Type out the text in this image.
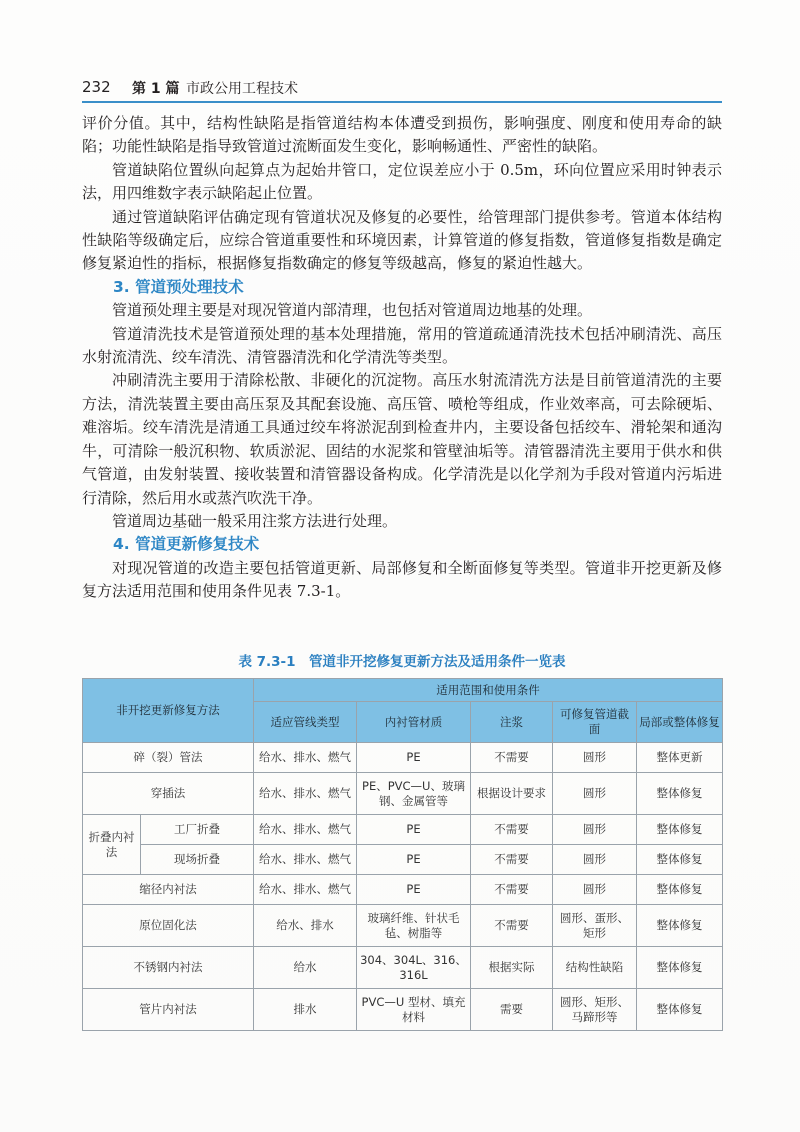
232 第 1 篇 市政公用工程技术

评价分值。其中，结构性缺陷是指管道结构本体遭受到损伤，影响强度、刚度和使用寿命的缺陷；功能性缺陷是指导致管道过流断面发生变化，影响畅通性、严密性的缺陷。

管道缺陷位置纵向起算点为起始井管口，定位误差应小于 0.5m，环向位置应采用时钟表示法，用四维数字表示缺陷起止位置。

通过管道缺陷评估确定现有管道状况及修复的必要性，给管理部门提供参考。管道本体结构性缺陷等级确定后，应综合管道重要性和环境因素，计算管道的修复指数，管道修复指数是确定修复紧迫性的指标，根据修复指数确定的修复等级越高，修复的紧迫性越大。

3. 管道预处理技术

管道预处理主要是对现况管道内部清理，也包括对管道周边地基的处理。

管道清洗技术是管道预处理的基本处理措施，常用的管道疏通清洗技术包括冲刷清洗、高压水射流清洗、绞车清洗、清管器清洗和化学清洗等类型。

冲刷清洗主要用于清除松散、非硬化的沉淀物。高压水射流清洗方法是目前管道清洗的主要方法，清洗装置主要由高压泵及其配套设施、高压管、喷枪等组成，作业效率高，可去除硬垢、难溶垢。绞车清洗是清通工具通过绞车将淤泥刮到检查井内，主要设备包括绞车、滑轮架和通沟牛，可清除一般沉积物、软质淤泥、固结的水泥浆和管壁油垢等。清管器清洗主要用于供水和供气管道，由发射装置、接收装置和清管器设备构成。化学清洗是以化学剂为手段对管道内污垢进行清除，然后用水或蒸汽吹洗干净。

管道周边基础一般采用注浆方法进行处理。

4. 管道更新修复技术

对现况管道的改造主要包括管道更新、局部修复和全断面修复等类型。管道非开挖更新及修复方法适用范围和使用条件见表 7.3-1。

表 7.3-1　管道非开挖修复更新方法及适用条件一览表
非开挖更新修复方法		适用范围和使用条件				
		适应管线类型	内衬管材质	注浆	可修复管道截面	局部或整体修复
碎（裂）管法		给水、排水、燃气	PE	不需要	圆形	整体更新
穿插法		给水、排水、燃气	PE、PVC—U、玻璃钢、金属管等	根据设计要求	圆形	整体修复
折叠内衬法	工厂折叠	给水、排水、燃气	PE	不需要	圆形	整体修复
	现场折叠	给水、排水、燃气	PE	不需要	圆形	整体修复
缩径内衬法		给水、排水、燃气	PE	不需要	圆形	整体修复
原位固化法		给水、排水	玻璃纤维、针状毛毡、树脂等	不需要	圆形、蛋形、矩形	整体修复
不锈钢内衬法		给水	304、304L、316、316L	根据实际	结构性缺陷	整体修复
管片内衬法		排水	PVC—U 型材、填充材料	需要	圆形、矩形、马蹄形等	整体修复
